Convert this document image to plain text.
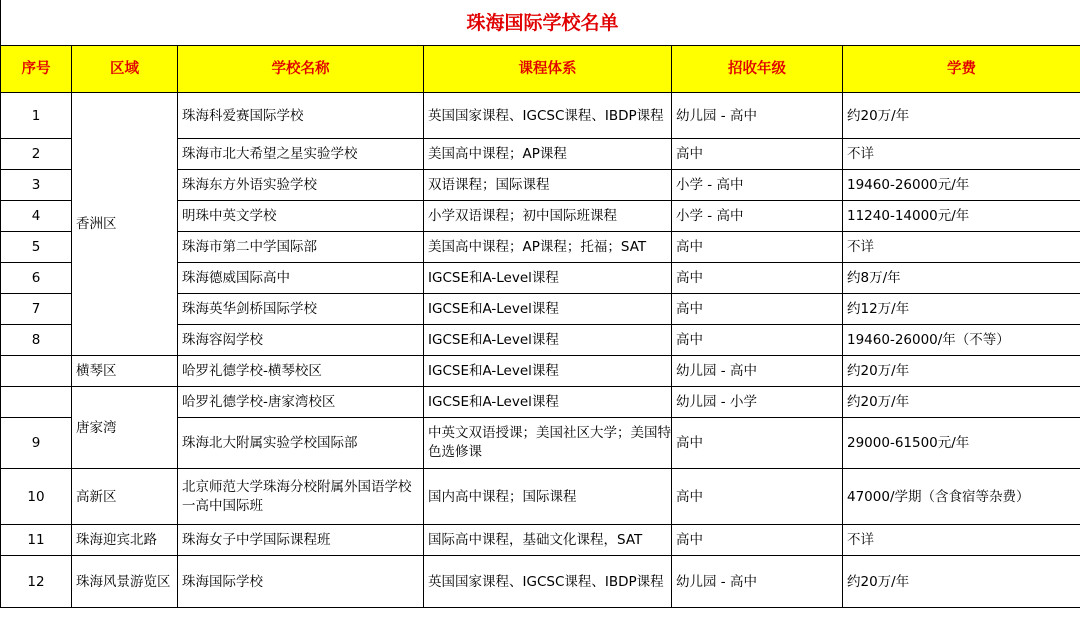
珠海国际学校名单					
序号	区域	学校名称	课程体系	招收年级	学费
1	香洲区	珠海科爱赛国际学校	英国国家课程、IGCSC课程、IBDP课程	幼儿园 - 高中	约20万/年
2		珠海市北大希望之星实验学校	美国高中课程；AP课程	高中	不详
3		珠海东方外语实验学校	双语课程；国际课程	小学 - 高中	19460-26000元/年
4		明珠中英文学校	小学双语课程；初中国际班课程	小学 - 高中	11240-14000元/年
5		珠海市第二中学国际部	美国高中课程；AP课程；托福；SAT	高中	不详
6		珠海德威国际高中	IGCSE和A-Level课程	高中	约8万/年
7		珠海英华剑桥国际学校	IGCSE和A-Level课程	高中	约12万/年
8		珠海容闳学校	IGCSE和A-Level课程	高中	19460-26000/年（不等）
	横琴区	哈罗礼德学校-横琴校区	IGCSE和A-Level课程	幼儿园 - 高中	约20万/年
	唐家湾	哈罗礼德学校-唐家湾校区	IGCSE和A-Level课程	幼儿园 - 小学	约20万/年
9		珠海北大附属实验学校国际部	中英文双语授课；美国社区大学；美国特色选修课	高中	29000-61500元/年
10	高新区	北京师范大学珠海分校附属外国语学校一高中国际班	国内高中课程；国际课程	高中	47000/学期（含食宿等杂费）
11	珠海迎宾北路	珠海女子中学国际课程班	国际高中课程，基础文化课程，SAT	高中	不详
12	珠海风景游览区	珠海国际学校	英国国家课程、IGCSC课程、IBDP课程	幼儿园 - 高中	约20万/年
